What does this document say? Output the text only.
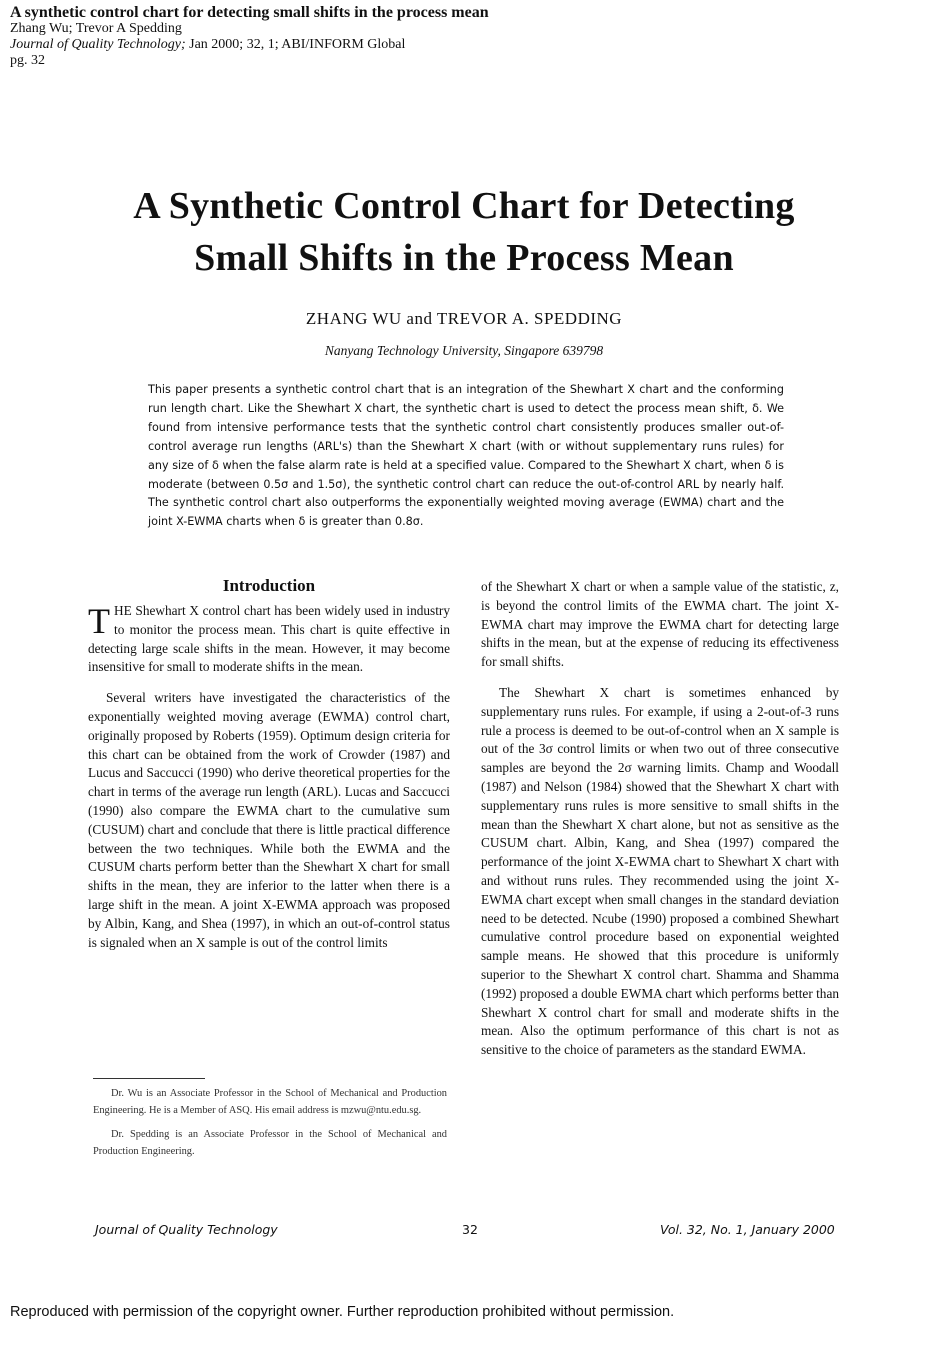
A synthetic control chart for detecting small shifts in the process mean
Zhang Wu; Trevor A Spedding
Journal of Quality Technology; Jan 2000; 32, 1; ABI/INFORM Global
pg. 32
A Synthetic Control Chart for Detecting
Small Shifts in the Process Mean
ZHANG WU and TREVOR A. SPEDDING
Nanyang Technology University, Singapore 639798
This paper presents a synthetic control chart that is an integration of the Shewhart X chart and the conforming run length chart. Like the Shewhart X chart, the synthetic chart is used to detect the process mean shift, δ. We found from intensive performance tests that the synthetic control chart consistently produces smaller out-of-control average run lengths (ARL's) than the Shewhart X chart (with or without supplementary runs rules) for any size of δ when the false alarm rate is held at a specified value. Compared to the Shewhart X chart, when δ is moderate (between 0.5σ and 1.5σ), the synthetic control chart can reduce the out-of-control ARL by nearly half. The synthetic control chart also outperforms the exponentially weighted moving average (EWMA) chart and the joint X-EWMA charts when δ is greater than 0.8σ.
Introduction

THE Shewhart X control chart has been widely used in industry to monitor the process mean. This chart is quite effective in detecting large scale shifts in the mean. However, it may become insensitive for small to moderate shifts in the mean.

Several writers have investigated the characteristics of the exponentially weighted moving average (EWMA) control chart, originally proposed by Roberts (1959). Optimum design criteria for this chart can be obtained from the work of Crowder (1987) and Lucus and Saccucci (1990) who derive theoretical properties for the chart in terms of the average run length (ARL). Lucas and Saccucci (1990) also compare the EWMA chart to the cumulative sum (CUSUM) chart and conclude that there is little practical difference between the two techniques. While both the EWMA and the CUSUM charts perform better than the Shewhart X chart for small shifts in the mean, they are inferior to the latter when there is a large shift in the mean. A joint X-EWMA approach was proposed by Albin, Kang, and Shea (1997), in which an out-of-control status is signaled when an X sample is out of the control limits

of the Shewhart X chart or when a sample value of the statistic, z, is beyond the control limits of the EWMA chart. The joint X-EWMA chart may improve the EWMA chart for detecting large shifts in the mean, but at the expense of reducing its effectiveness for small shifts.

The Shewhart X chart is sometimes enhanced by supplementary runs rules. For example, if using a 2-out-of-3 runs rule a process is deemed to be out-of-control when an X sample is out of the 3σ control limits or when two out of three consecutive samples are beyond the 2σ warning limits. Champ and Woodall (1987) and Nelson (1984) showed that the Shewhart X chart with supplementary runs rules is more sensitive to small shifts in the mean than the Shewhart X chart alone, but not as sensitive as the CUSUM chart. Albin, Kang, and Shea (1997) compared the performance of the joint X-EWMA chart to Shewhart X chart with and without runs rules. They recommended using the joint X-EWMA chart except when small changes in the standard deviation need to be detected. Ncube (1990) proposed a combined Shewhart cumulative control procedure based on exponential weighted sample means. He showed that this procedure is uniformly superior to the Shewhart X control chart. Shamma and Shamma (1992) proposed a double EWMA chart which performs better than Shewhart X control chart for small and moderate shifts in the mean. Also the optimum performance of this chart is not as sensitive to the choice of parameters as the standard EWMA.

Dr. Wu is an Associate Professor in the School of Mechanical and Production Engineering. He is a Member of ASQ. His email address is mzwu@ntu.edu.sg.

Dr. Spedding is an Associate Professor in the School of Mechanical and Production Engineering.

Journal of Quality Technology	32	Vol. 32, No. 1, January 2000
Reproduced with permission of the copyright owner. Further reproduction prohibited without permission.
